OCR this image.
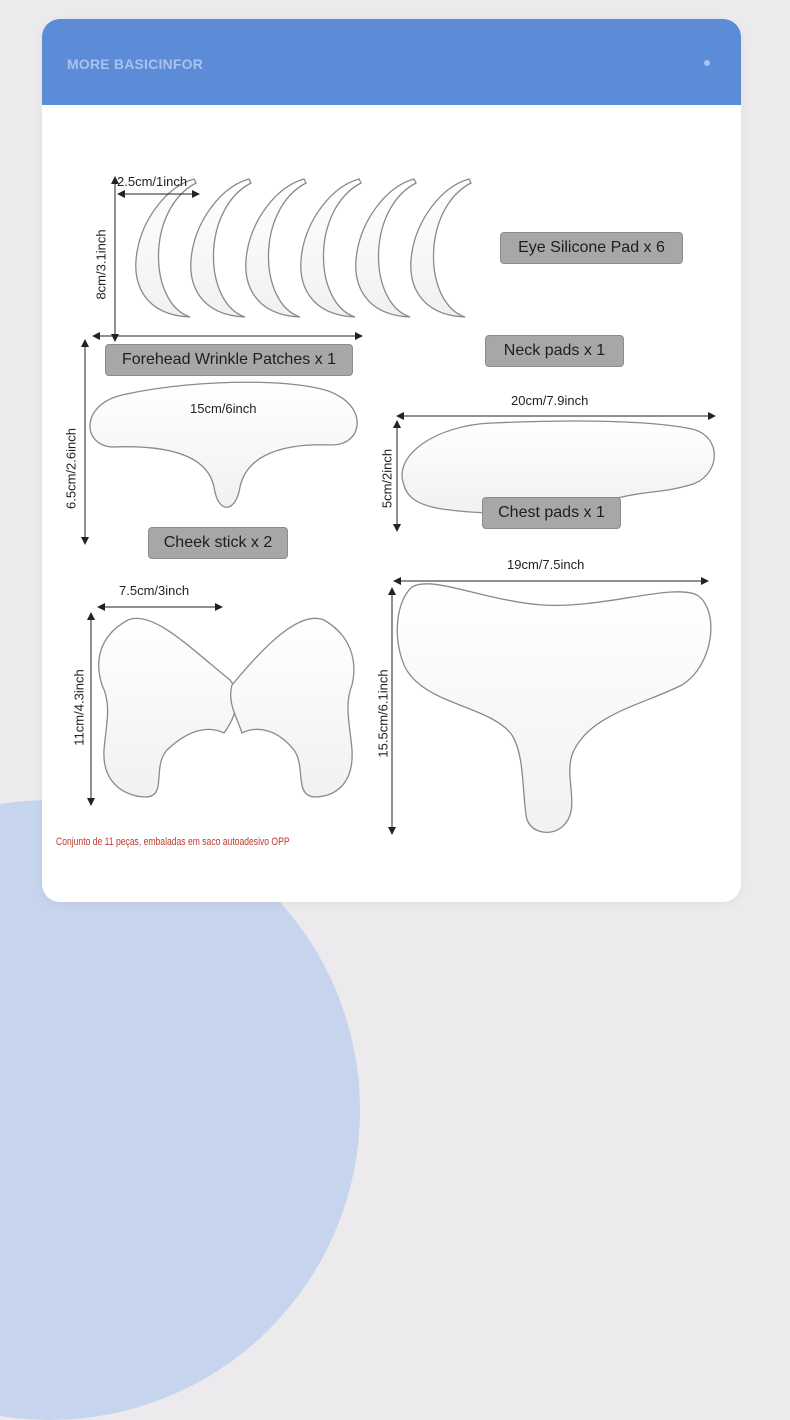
MORE BASICINFOR
Eye Silicone Pad x 6
Forehead Wrinkle Patches x 1
Neck pads x 1
Chest pads x 1
Cheek stick x 2
2.5cm/1inch
8cm/3.1inch
15cm/6inch
6.5cm/2.6inch
20cm/7.9inch
5cm/2inch
19cm/7.5inch
15.5cm/6.1inch
7.5cm/3inch
11cm/4.3inch
Conjunto de 11 peças, embaladas em saco autoadesivo OPP
